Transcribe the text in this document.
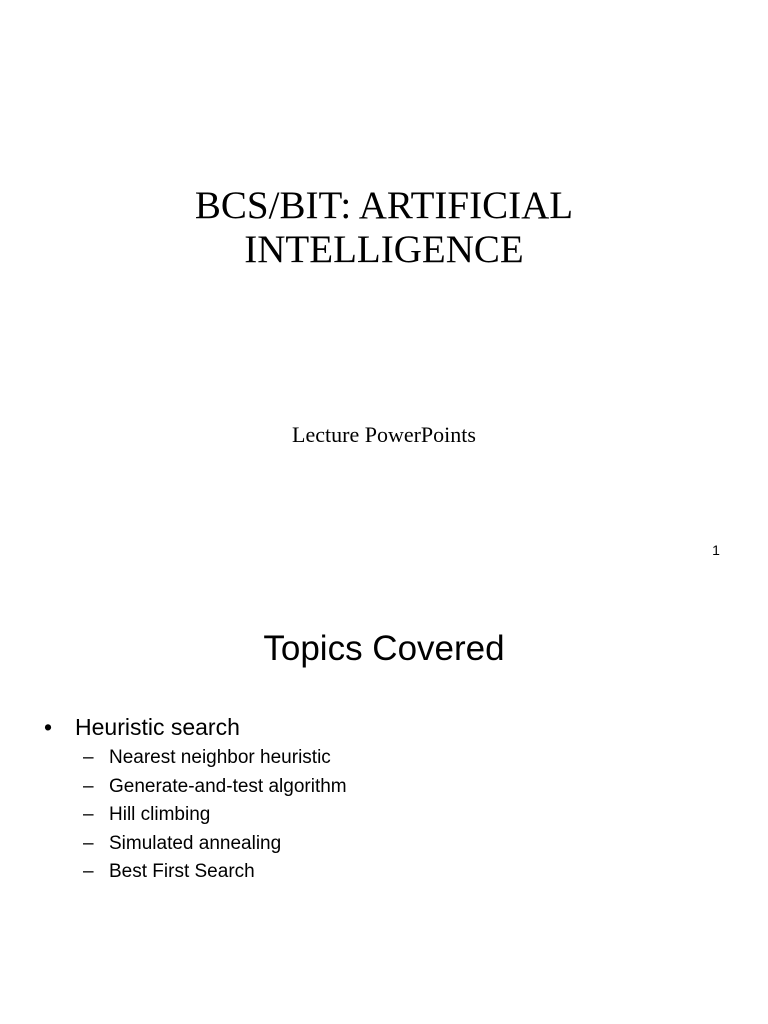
BCS/BIT: ARTIFICIAL
INTELLIGENCE
Lecture PowerPoints
1
Topics Covered
• Heuristic search
– Nearest neighbor heuristic
– Generate-and-test algorithm
– Hill climbing
– Simulated annealing
– Best First Search
